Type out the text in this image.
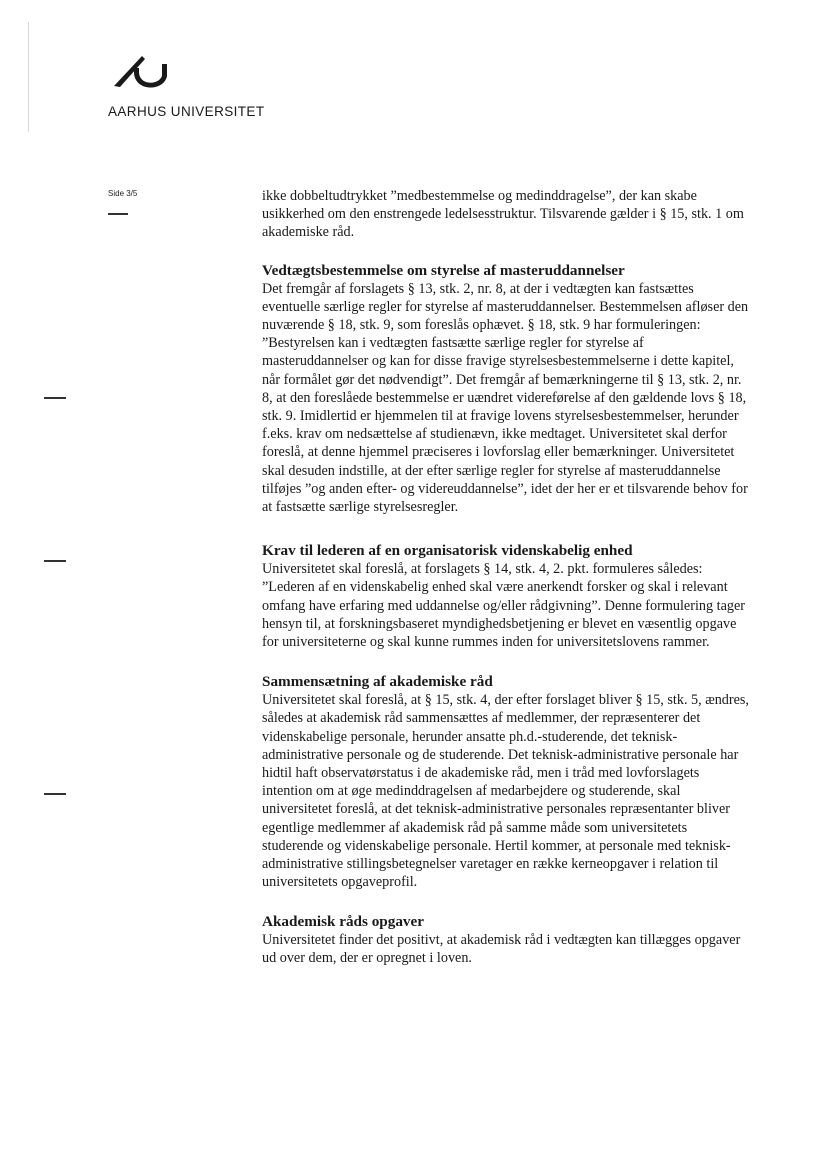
AARHUS UNIVERSITET
Side 3/5	ikke dobbeltudtrykket ”medbestemmelse og medinddragelse”, der kan skabe usikkerhed om den enstrengede ledelsesstruktur. Tilsvarende gælder i § 15, stk. 1 om akademiske råd.

Vedtægtsbestemmelse om styrelse af masteruddannelser

Det fremgår af forslagets § 13, stk. 2, nr. 8, at der i vedtægten kan fastsættes eventuelle særlige regler for styrelse af masteruddannelser. Bestemmelsen afløser den nuværende § 18, stk. 9, som foreslås ophævet. § 18, stk. 9 har formuleringen: ”Bestyrelsen kan i vedtægten fastsætte særlige regler for styrelse af masteruddannelser og kan for disse fravige styrelsesbestemmelserne i dette kapitel, når formålet gør det nødvendigt”. Det fremgår af bemærkningerne til § 13, stk. 2, nr. 8, at den foreslåede bestemmelse er uændret videreførelse af den gældende lovs § 18, stk. 9. Imidlertid er hjemmelen til at fravige lovens styrelsesbestemmelser, herunder f.eks. krav om nedsættelse af studienævn, ikke medtaget. Universitetet skal derfor foreslå, at denne hjemmel præciseres i lovforslag eller bemærkninger. Universitetet skal desuden indstille, at der efter særlige regler for styrelse af masteruddannelse tilføjes ”og anden efter- og videreuddannelse”, idet der her er et tilsvarende behov for at fastsætte særlige styrelsesregler.

Krav til lederen af en organisatorisk videnskabelig enhed

Universitetet skal foreslå, at forslagets § 14, stk. 4, 2. pkt. formuleres således: ”Lederen af en videnskabelig enhed skal være anerkendt forsker og skal i relevant omfang have erfaring med uddannelse og/eller rådgivning”. Denne formulering tager hensyn til, at forskningsbaseret myndighedsbetjening er blevet en væsentlig opgave for universiteterne og skal kunne rummes inden for universitetslovens rammer.

Sammensætning af akademiske råd

Universitetet skal foreslå, at § 15, stk. 4, der efter forslaget bliver § 15, stk. 5, ændres, således at akademisk råd sammensættes af medlemmer, der repræsenterer det videnskabelige personale, herunder ansatte ph.d.-studerende, det teknisk-administrative personale og de studerende. Det teknisk-administrative personale har hidtil haft observatørstatus i de akademiske råd, men i tråd med lovforslagets intention om at øge medinddragelsen af medarbejdere og studerende, skal universitetet foreslå, at det teknisk-administrative personales repræsentanter bliver egentlige medlemmer af akademisk råd på samme måde som universitetets studerende og videnskabelige personale. Hertil kommer, at personale med teknisk-administrative stillingsbetegnelser varetager en række kerneopgaver i relation til universitetets opgaveprofil.

Akademisk råds opgaver

Universitetet finder det positivt, at akademisk råd i vedtægten kan tillægges opgaver ud over dem, der er opregnet i loven.
